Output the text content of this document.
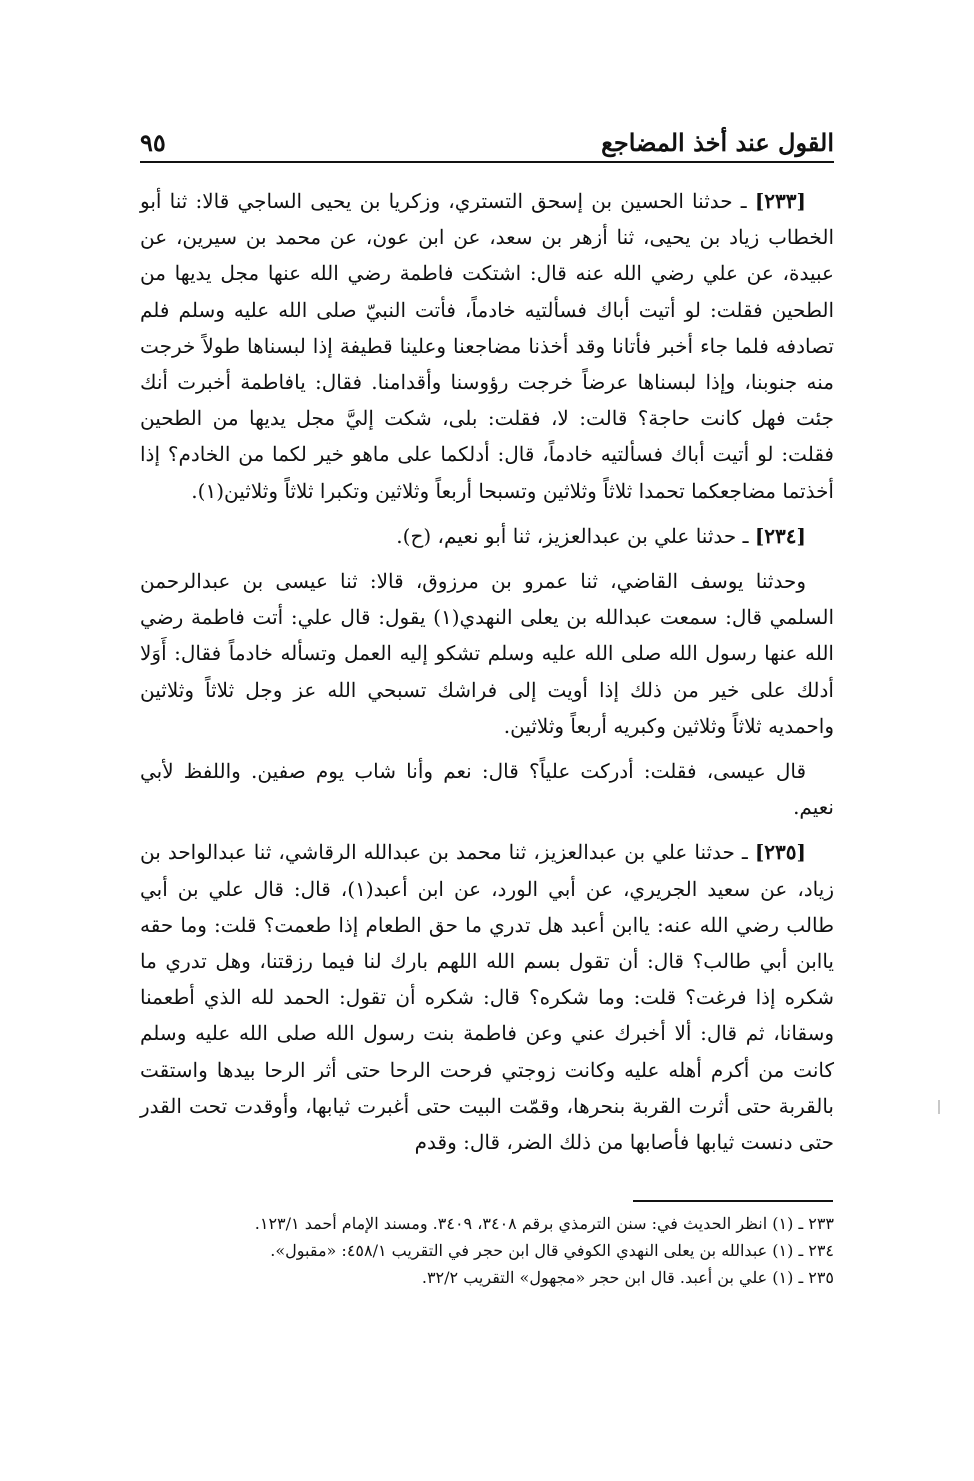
القول عند أخذ المضاجع
٩٥

[٢٣٣] ـ حدثنا الحسين بن إسحق التستري، وزكريا بن يحيى الساجي قالا: ثنا أبو الخطاب زياد بن يحيى، ثنا أزهر بن سعد، عن ابن عون، عن محمد بن سيرين، عن عبيدة، عن علي رضي الله عنه قال: اشتكت فاطمة رضي الله عنها مجل يديها من الطحين فقلت: لو أتيت أباك فسألتيه خادماً، فأتت النبيّ صلى الله عليه وسلم فلم تصادفه فلما جاء أخبر فأتانا وقد أخذنا مضاجعنا وعلينا قطيفة إذا لبسناها طولاً خرجت منه جنوبنا، وإذا لبسناها عرضاً خرجت رؤوسنا وأقدامنا. فقال: يافاطمة أخبرت أنك جئت فهل كانت حاجة؟ قالت: لا، فقلت: بلى، شكت إليَّ مجل يديها من الطحين فقلت: لو أتيت أباك فسألتيه خادماً، قال: أدلكما على ماهو خير لكما من الخادم؟ إذا أخذتما مضاجعكما تحمدا ثلاثاً وثلاثين وتسبحا أربعاً وثلاثين وتكبرا ثلاثاً وثلاثين(١).

[٢٣٤] ـ حدثنا علي بن عبدالعزيز، ثنا أبو نعيم، (ح).

وحدثنا يوسف القاضي، ثنا عمرو بن مرزوق، قالا: ثنا عيسى بن عبدالرحمن السلمي قال: سمعت عبدالله بن يعلى النهدي(١) يقول: قال علي: أتت فاطمة رضي الله عنها رسول الله صلى الله عليه وسلم تشكو إليه العمل وتسأله خادماً فقال: أَوَلا أدلك على خير من ذلك إذا أويت إلى فراشك تسبحي الله عز وجل ثلاثاً وثلاثين واحمديه ثلاثاً وثلاثين وكبريه أربعاً وثلاثين.

قال عيسى، فقلت: أدركت علياً؟ قال: نعم وأنا شاب يوم صفين. واللفظ لأبي نعيم.

[٢٣٥] ـ حدثنا علي بن عبدالعزيز، ثنا محمد بن عبدالله الرقاشي، ثنا عبدالواحد بن زياد، عن سعيد الجريري، عن أبي الورد، عن ابن أعبد(١)، قال: قال علي بن أبي طالب رضي الله عنه: ياابن أعبد هل تدري ما حق الطعام إذا طعمت؟ قلت: وما حقه ياابن أبي طالب؟ قال: أن تقول بسم الله اللهم بارك لنا فيما رزقتنا، وهل تدري ما شكره إذا فرغت؟ قلت: وما شكره؟ قال: شكره أن تقول: الحمد لله الذي أطعمنا وسقانا، ثم قال: ألا أخبرك عني وعن فاطمة بنت رسول الله صلى الله عليه وسلم كانت من أكرم أهله عليه وكانت زوجتي فرحت الرحا حتى أثر الرحا بيدها واستقت بالقربة حتى أثرت القربة بنحرها، وقمّت البيت حتى أغبرت ثيابها، وأوقدت تحت القدر حتى دنست ثيابها فأصابها من ذلك الضر، قال: وقدم

٢٣٣ ـ (١) انظر الحديث في: سنن الترمذي برقم ٣٤٠٨، ٣٤٠٩. ومسند الإمام أحمد ١٢٣/١.

٢٣٤ ـ (١) عبدالله بن يعلى النهدي الكوفي قال ابن حجر في التقريب ٤٥٨/١: «مقبول».

٢٣٥ ـ (١) علي بن أعبد. قال ابن حجر «مجهول» التقريب ٣٢/٢.
